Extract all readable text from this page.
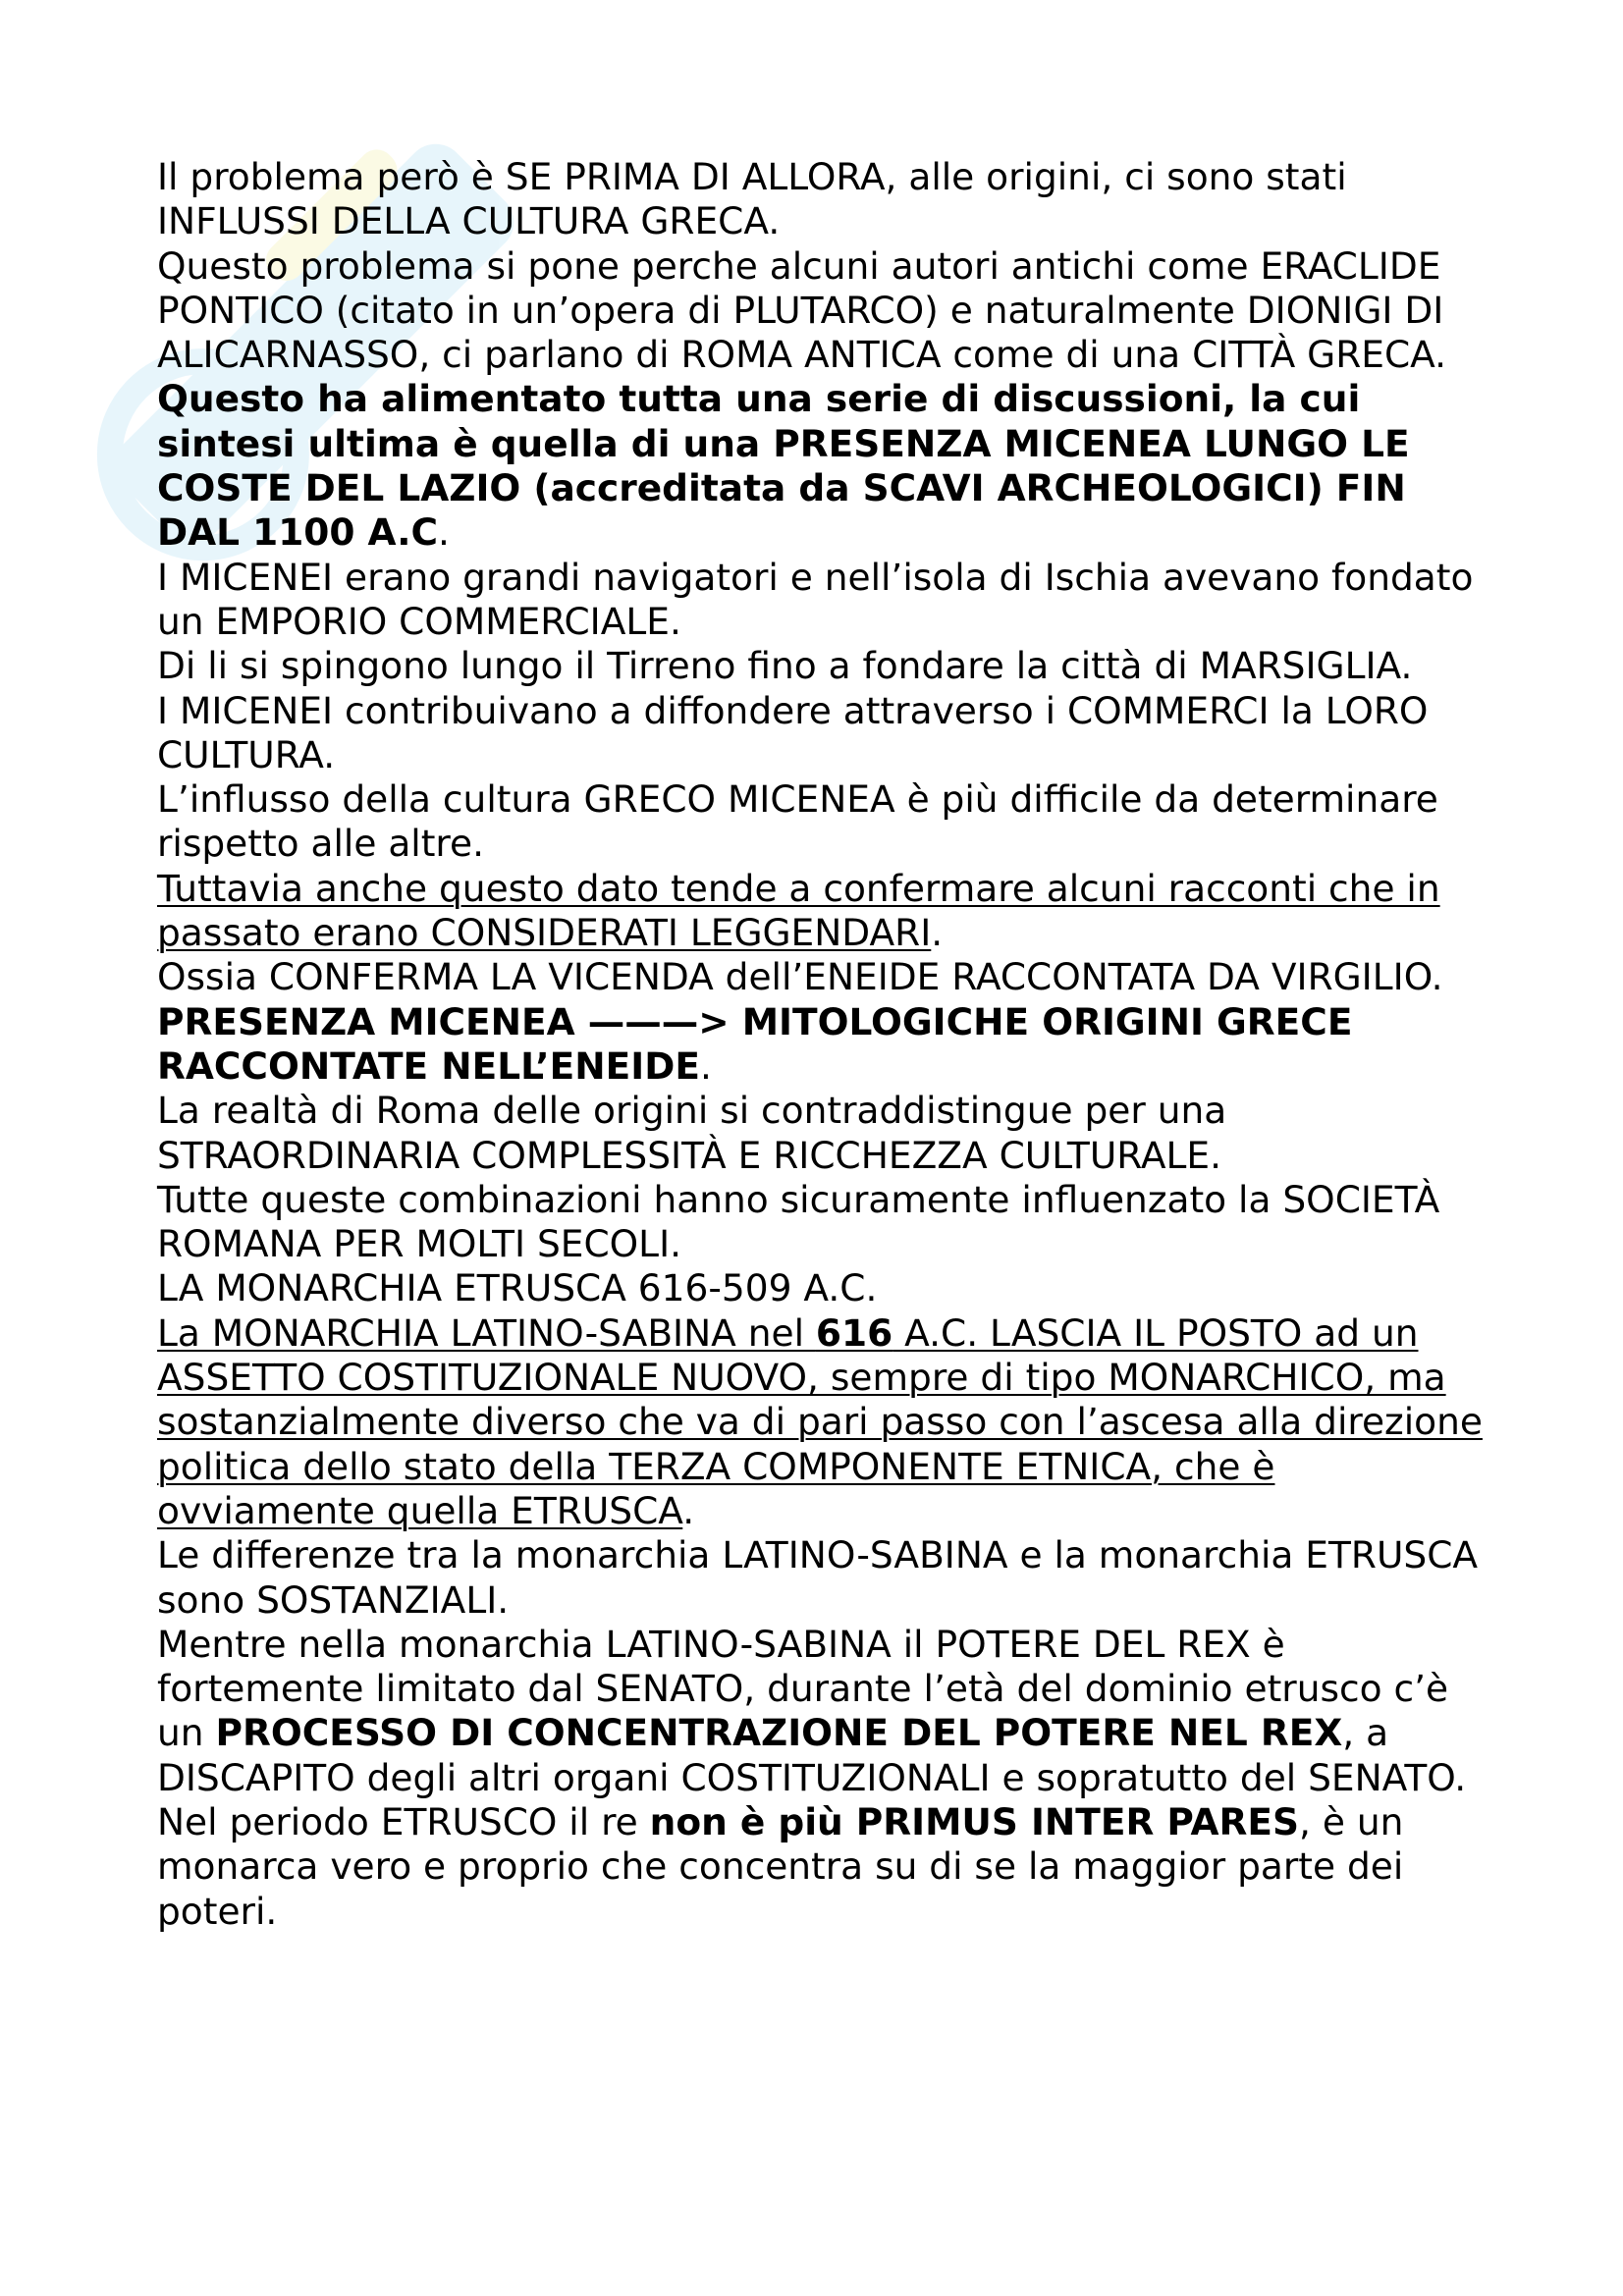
Il problema però è SE PRIMA DI ALLORA, alle origini, ci sono stati INFLUSSI DELLA CULTURA GRECA.

Questo problema si pone perche alcuni autori antichi come ERACLIDE PONTICO (citato in un’opera di PLUTARCO) e naturalmente DIONIGI DI ALICARNASSO, ci parlano di ROMA ANTICA come di una CITTÀ GRECA.

Questo ha alimentato tutta una serie di discussioni, la cui sintesi ultima è quella di una PRESENZA MICENEA LUNGO LE COSTE DEL LAZIO (accreditata da SCAVI ARCHEOLOGICI) FIN DAL 1100 A.C.

I MICENEI erano grandi navigatori e nell’isola di Ischia avevano fondato un EMPORIO COMMERCIALE.

Di li si spingono lungo il Tirreno fino a fondare la città di MARSIGLIA.

I MICENEI contribuivano a diffondere attraverso i COMMERCI la LORO CULTURA.

L’influsso della cultura GRECO MICENEA è più difficile da determinare rispetto alle altre.

Tuttavia anche questo dato tende a confermare alcuni racconti che in passato erano CONSIDERATI LEGGENDARI.

Ossia CONFERMA LA VICENDA dell’ENEIDE RACCONTATA DA VIRGILIO.

PRESENZA MICENEA ———> MITOLOGICHE ORIGINI GRECE RACCONTATE NELL’ENEIDE.

La realtà di Roma delle origini si contraddistingue per una STRAORDINARIA COMPLESSITÀ E RICCHEZZA CULTURALE.

Tutte queste combinazioni hanno sicuramente influenzato la SOCIETÀ ROMANA PER MOLTI SECOLI.

LA MONARCHIA ETRUSCA 616-509 A.C.

La MONARCHIA LATINO-SABINA nel 616 A.C. LASCIA IL POSTO ad un ASSETTO COSTITUZIONALE NUOVO, sempre di tipo MONARCHICO, ma sostanzialmente diverso che va di pari passo con l’ascesa alla direzione politica dello stato della TERZA COMPONENTE ETNICA, che è ovviamente quella ETRUSCA.

Le differenze tra la monarchia LATINO-SABINA e la monarchia ETRUSCA sono SOSTANZIALI.

Mentre nella monarchia LATINO-SABINA il POTERE DEL REX è fortemente limitato dal SENATO, durante l’età del dominio etrusco c’è un PROCESSO DI CONCENTRAZIONE DEL POTERE NEL REX, a DISCAPITO degli altri organi COSTITUZIONALI e sopratutto del SENATO.

Nel periodo ETRUSCO il re non è più PRIMUS INTER PARES, è un monarca vero e proprio che concentra su di se la maggior parte dei poteri.
